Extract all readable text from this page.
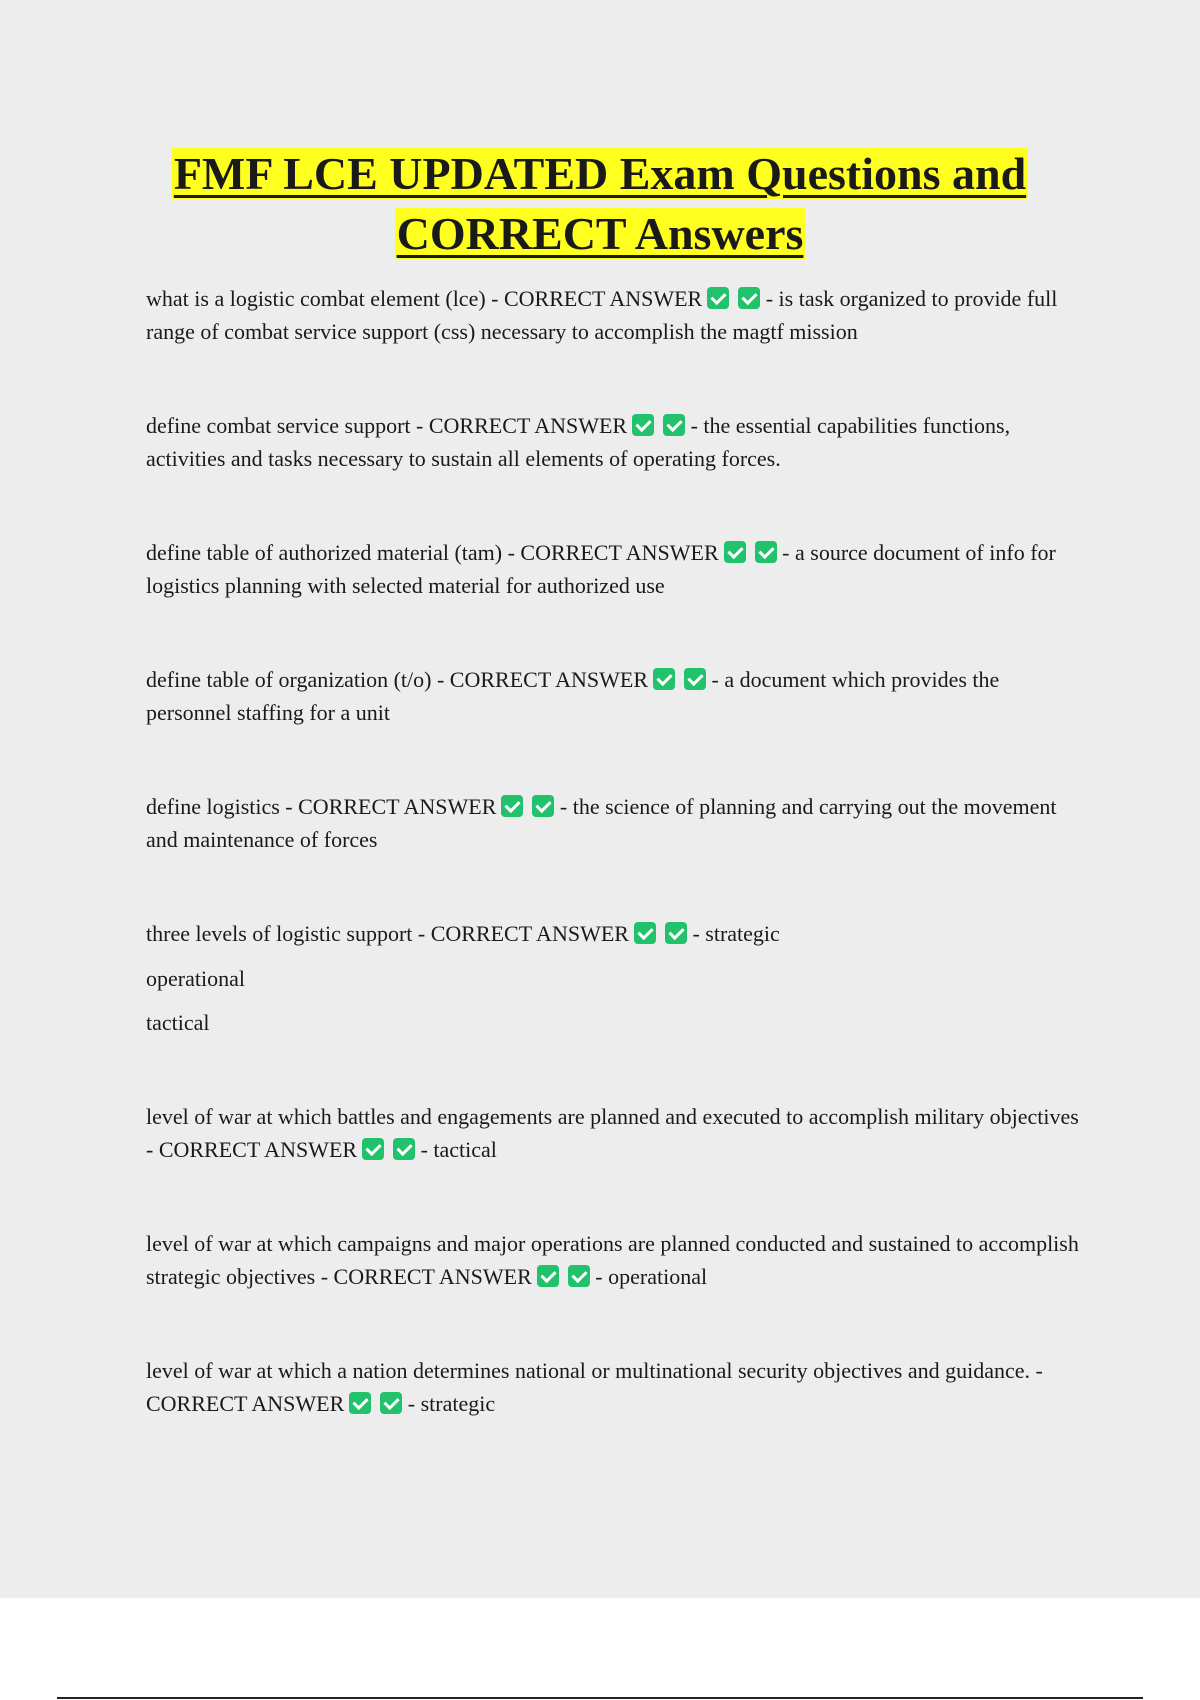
FMF LCE UPDATED Exam Questions and
CORRECT Answers
what is a logistic combat element (lce) - CORRECT ANSWER	- is task organized to provide full range of combat service support (css) necessary to accomplish the magtf mission
define combat service support - CORRECT ANSWER	- the essential capabilities functions, activities and tasks necessary to sustain all elements of operating forces.
define table of authorized material (tam) - CORRECT ANSWER	- a source document of info for logistics planning with selected material for authorized use
define table of organization (t/o) - CORRECT ANSWER	- a document which provides the personnel staffing for a unit
define logistics - CORRECT ANSWER	- the science of planning and carrying out the movement and maintenance of forces
three levels of logistic support - CORRECT ANSWER	- strategic
operational
tactical
level of war at which battles and engagements are planned and executed to accomplish military objectives - CORRECT ANSWER	- tactical
level of war at which campaigns and major operations are planned conducted and sustained to accomplish strategic objectives - CORRECT ANSWER	- operational
level of war at which a nation determines national or multinational security objectives and guidance. - CORRECT ANSWER	- strategic
